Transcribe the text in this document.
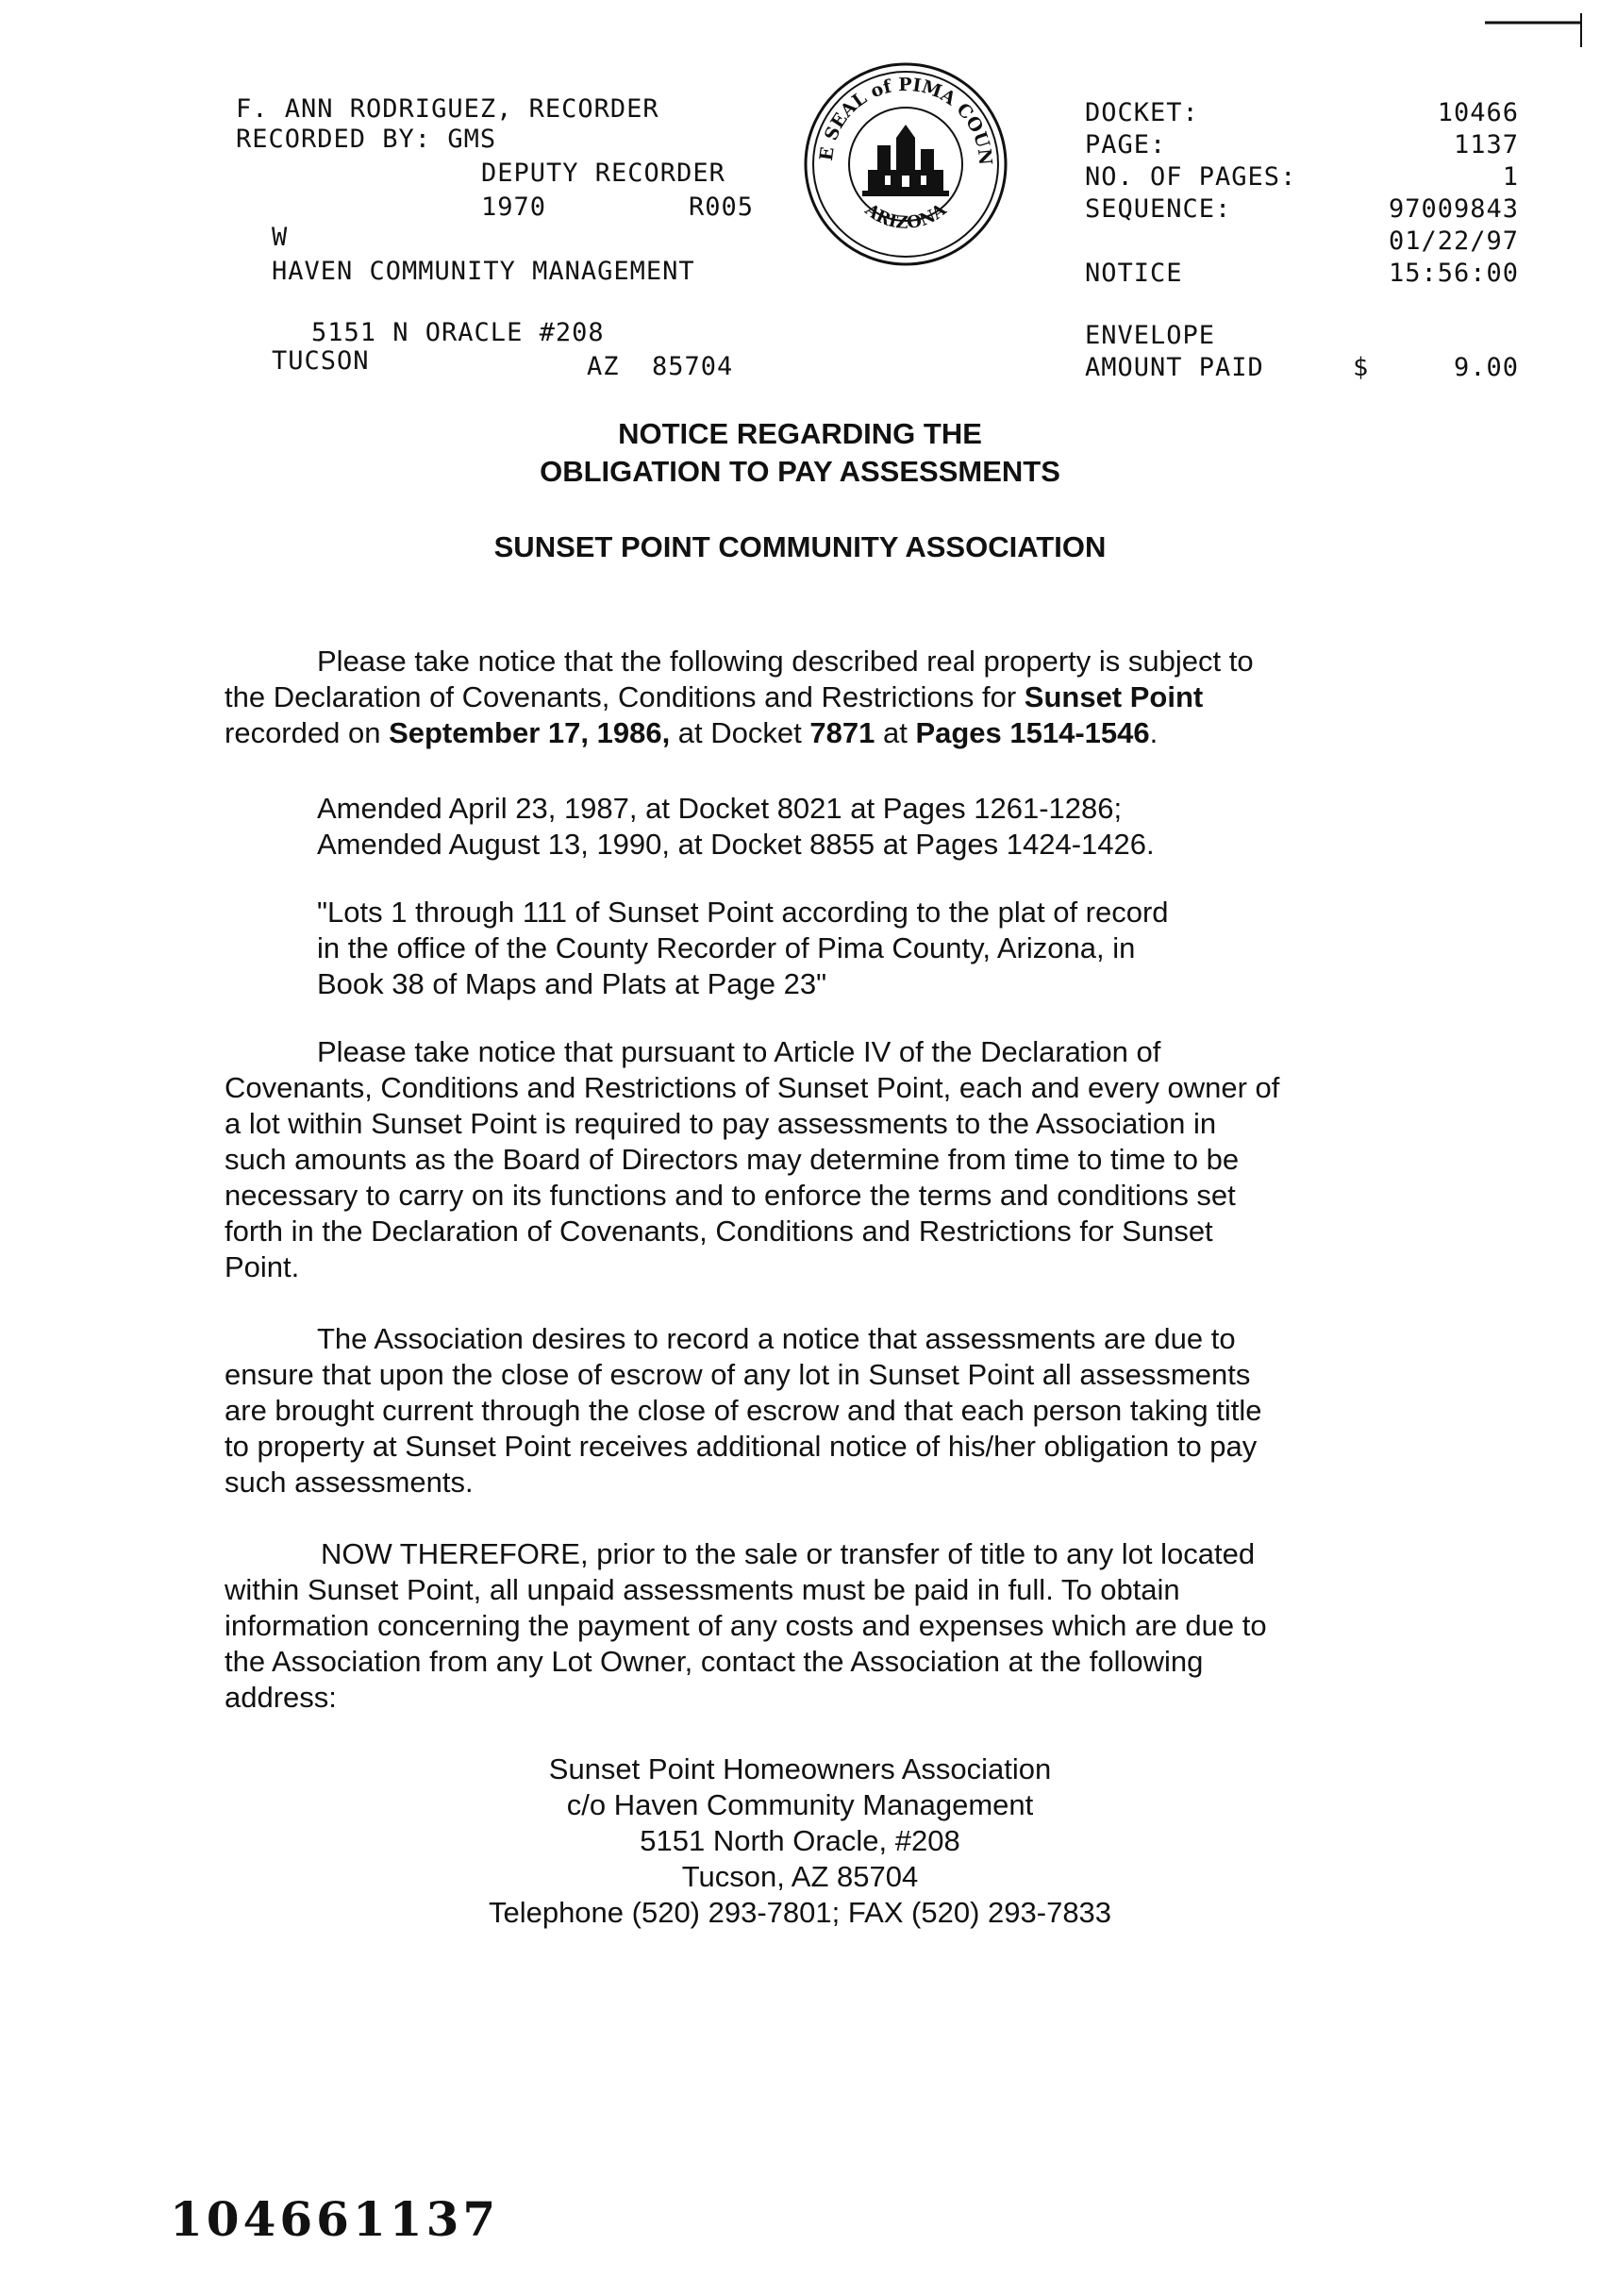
F. ANN RODRIGUEZ, RECORDER
RECORDED BY: GMS
DEPUTY RECORDER
1970	R005
W
HAVEN COMMUNITY MANAGEMENT
5151 N ORACLE #208
TUCSON	AZ  85704
E SEAL of PIMA COUN
ARIZONA
DOCKET:	10466
PAGE:	1137
NO. OF PAGES:	1
SEQUENCE:	97009843
01/22/97
NOTICE	15:56:00
ENVELOPE
AMOUNT PAID	$	9.00
NOTICE REGARDING THE
OBLIGATION TO PAY ASSESSMENTS
SUNSET POINT COMMUNITY ASSOCIATION
Please take notice that the following described real property is subject to
the Declaration of Covenants, Conditions and Restrictions for Sunset Point
recorded on September 17, 1986, at Docket 7871 at Pages 1514-1546.
Amended April 23, 1987, at Docket 8021 at Pages 1261-1286;
Amended August 13, 1990, at Docket 8855 at Pages 1424-1426.
"Lots 1 through 111 of Sunset Point according to the plat of record
in the office of the County Recorder of Pima County, Arizona, in
Book 38 of Maps and Plats at Page 23"
Please take notice that pursuant to Article IV of the Declaration of
Covenants, Conditions and Restrictions of Sunset Point, each and every owner of
a lot within Sunset Point is required to pay assessments to the Association in
such amounts as the Board of Directors may determine from time to time to be
necessary to carry on its functions and to enforce the terms and conditions set
forth in the Declaration of Covenants, Conditions and Restrictions for Sunset
Point.
The Association desires to record a notice that assessments are due to
ensure that upon the close of escrow of any lot in Sunset Point all assessments
are brought current through the close of escrow and that each person taking title
to property at Sunset Point receives additional notice of his/her obligation to pay
such assessments.
NOW THEREFORE, prior to the sale or transfer of title to any lot located
within Sunset Point, all unpaid assessments must be paid in full. To obtain
information concerning the payment of any costs and expenses which are due to
the Association from any Lot Owner, contact the Association at the following
address:
Sunset Point Homeowners Association
c/o Haven Community Management
5151 North Oracle, #208
Tucson, AZ 85704
Telephone (520) 293-7801; FAX (520) 293-7833
10466 1137
